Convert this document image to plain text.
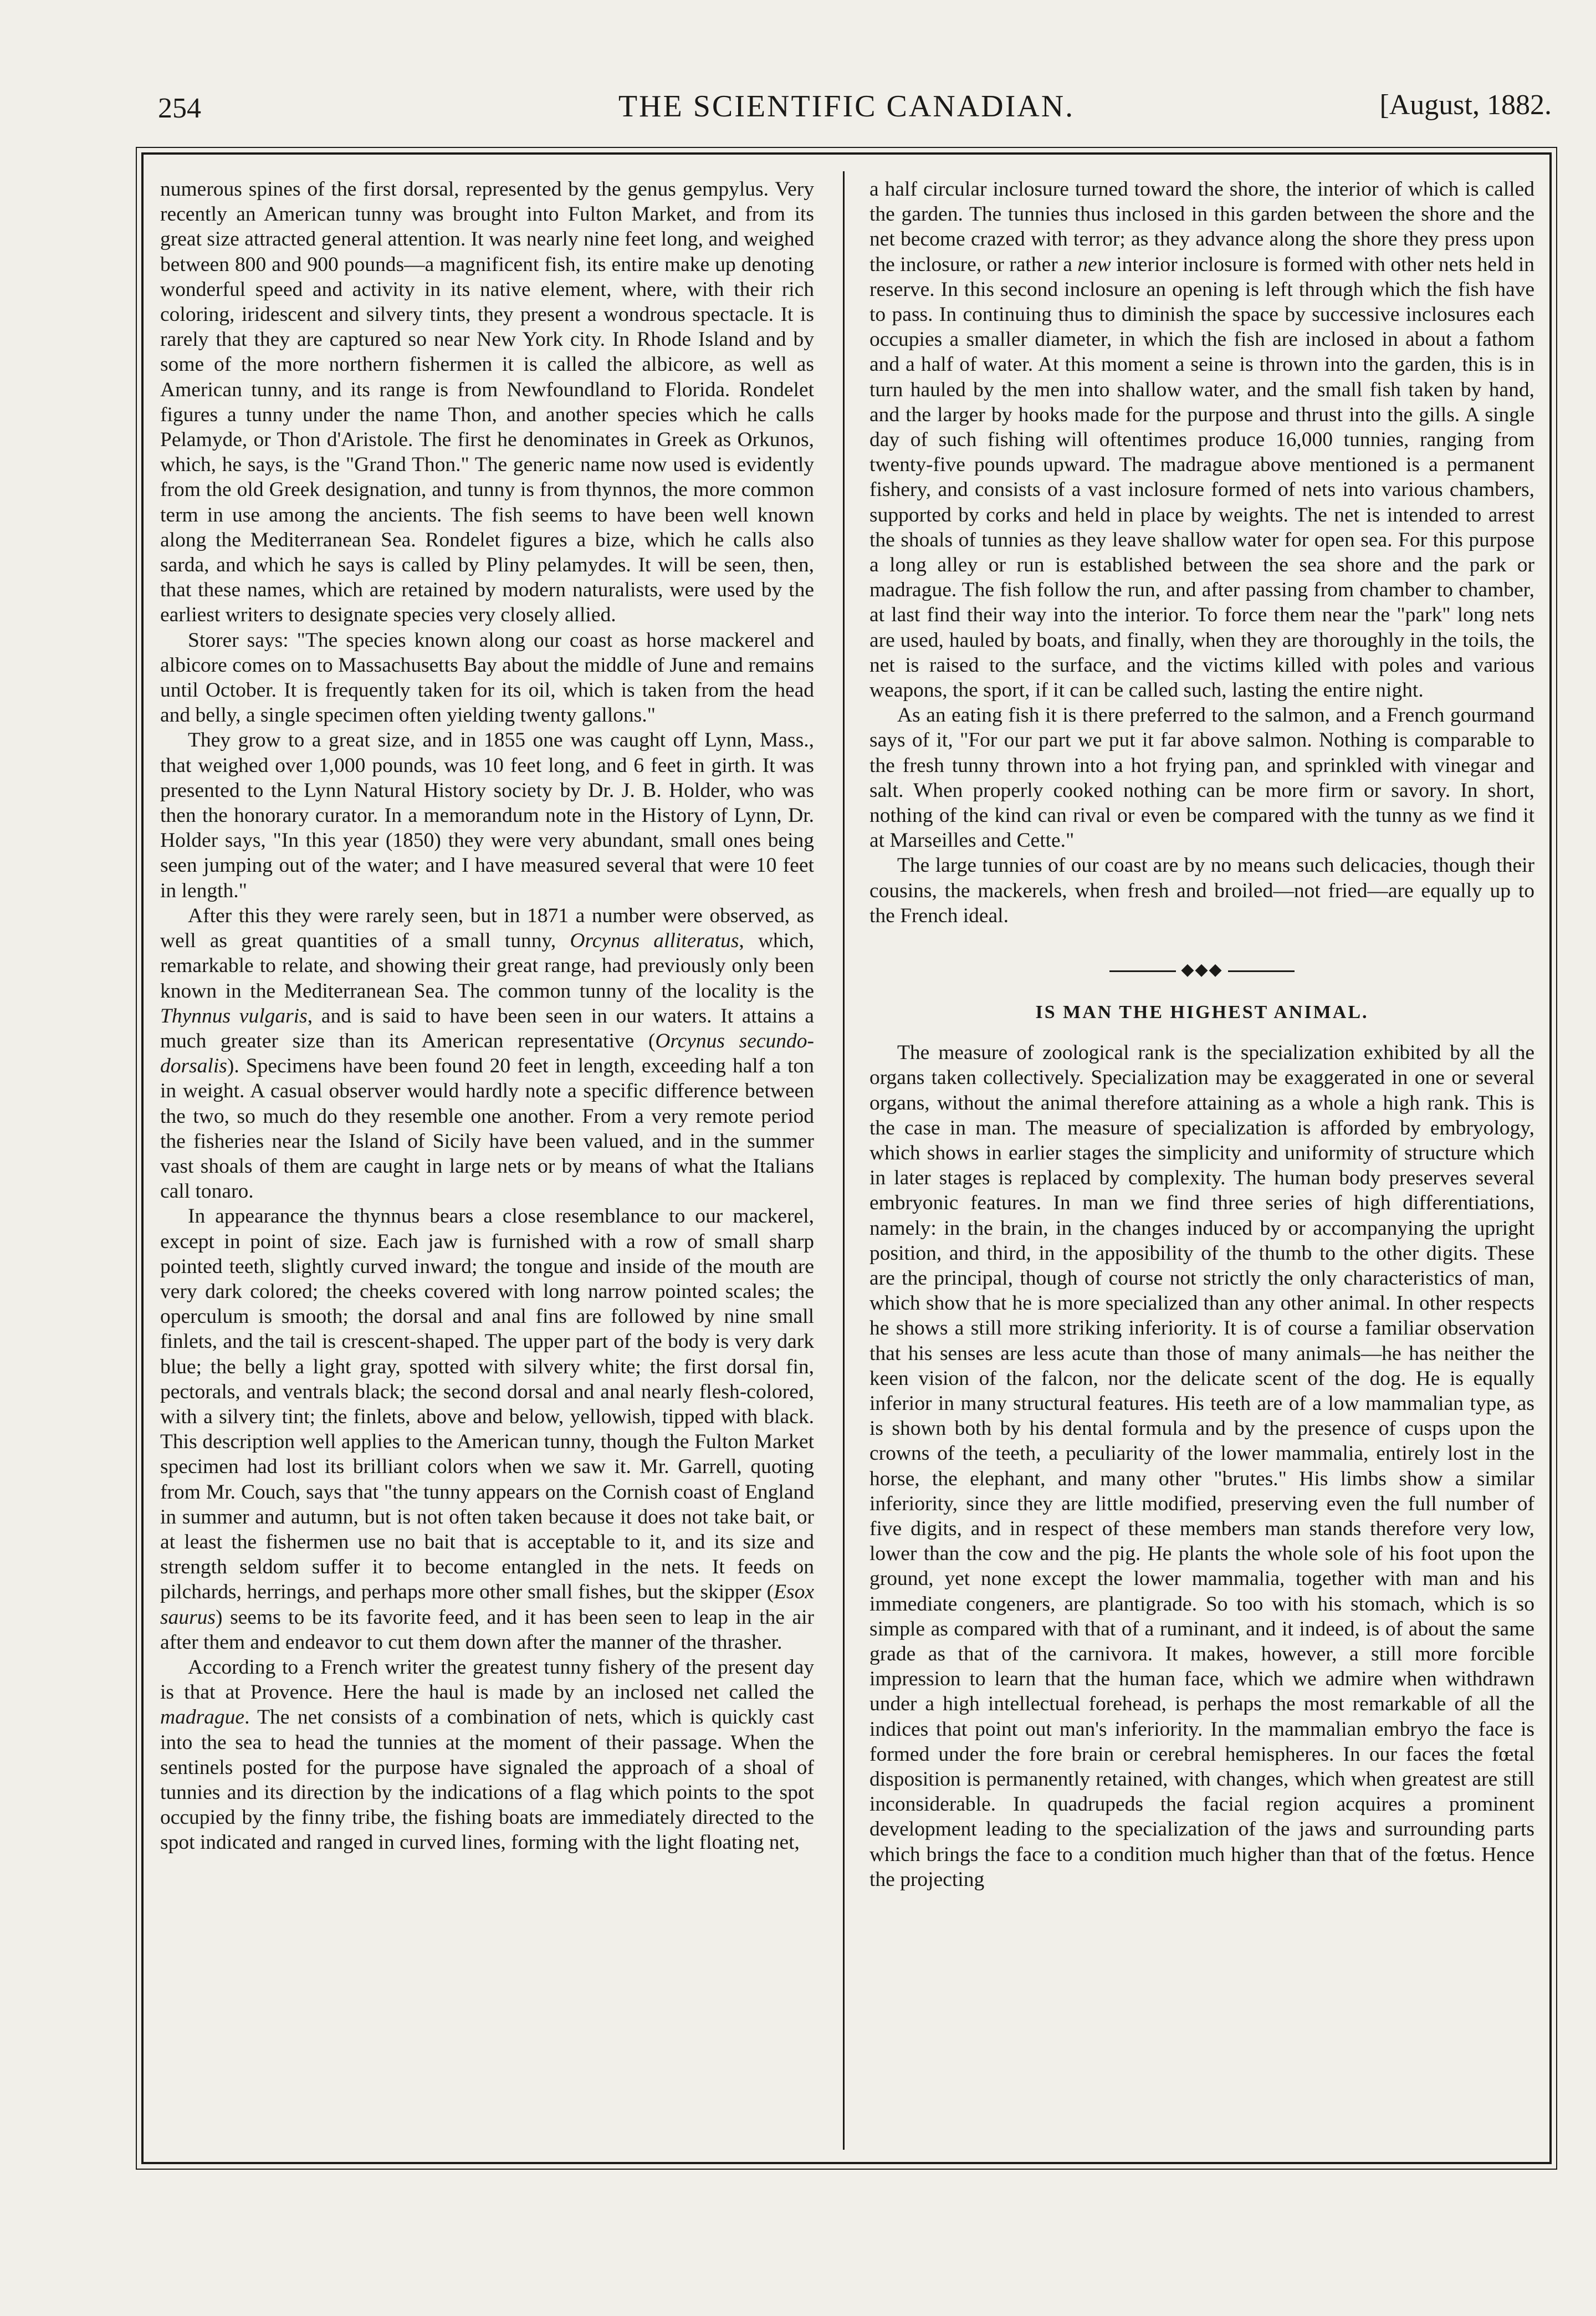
254	THE SCIENTIFIC CANADIAN.	[August, 1882.

numerous spines of the first dorsal, represented by the genus gempylus. Very recently an American tunny was brought into Fulton Market, and from its great size attracted general attention. It was nearly nine feet long, and weighed between 800 and 900 pounds—a magnificent fish, its entire make up denoting wonderful speed and activity in its native element, where, with their rich coloring, iridescent and silvery tints, they present a wondrous spectacle. It is rarely that they are captured so near New York city. In Rhode Island and by some of the more northern fishermen it is called the albicore, as well as American tunny, and its range is from Newfoundland to Florida. Rondelet figures a tunny under the name Thon, and another species which he calls Pelamyde, or Thon d'Aristole. The first he denominates in Greek as Orkunos, which, he says, is the "Grand Thon." The generic name now used is evidently from the old Greek designation, and tunny is from thynnos, the more common term in use among the ancients. The fish seems to have been well known along the Mediterranean Sea. Rondelet figures a bize, which he calls also sarda, and which he says is called by Pliny pelamydes. It will be seen, then, that these names, which are retained by modern naturalists, were used by the earliest writers to designate species very closely allied.

Storer says: "The species known along our coast as horse mackerel and albicore comes on to Massachusetts Bay about the middle of June and remains until October. It is frequently taken for its oil, which is taken from the head and belly, a single specimen often yielding twenty gallons."

They grow to a great size, and in 1855 one was caught off Lynn, Mass., that weighed over 1,000 pounds, was 10 feet long, and 6 feet in girth. It was presented to the Lynn Natural History society by Dr. J. B. Holder, who was then the honorary curator. In a memorandum note in the History of Lynn, Dr. Holder says, "In this year (1850) they were very abundant, small ones being seen jumping out of the water; and I have measured several that were 10 feet in length."

After this they were rarely seen, but in 1871 a number were observed, as well as great quantities of a small tunny, Orcynus alliteratus, which, remarkable to relate, and showing their great range, had previously only been known in the Mediterranean Sea. The common tunny of the locality is the Thynnus vulgaris, and is said to have been seen in our waters. It attains a much greater size than its American representative (Orcynus secundo-dorsalis). Specimens have been found 20 feet in length, exceeding half a ton in weight. A casual observer would hardly note a specific difference between the two, so much do they resemble one another. From a very remote period the fisheries near the Island of Sicily have been valued, and in the summer vast shoals of them are caught in large nets or by means of what the Italians call tonaro.

In appearance the thynnus bears a close resemblance to our mackerel, except in point of size. Each jaw is furnished with a row of small sharp pointed teeth, slightly curved inward; the tongue and inside of the mouth are very dark colored; the cheeks covered with long narrow pointed scales; the operculum is smooth; the dorsal and anal fins are followed by nine small finlets, and the tail is crescent-shaped. The upper part of the body is very dark blue; the belly a light gray, spotted with silvery white; the first dorsal fin, pectorals, and ventrals black; the second dorsal and anal nearly flesh-colored, with a silvery tint; the finlets, above and below, yellowish, tipped with black. This description well applies to the American tunny, though the Fulton Market specimen had lost its brilliant colors when we saw it. Mr. Garrell, quoting from Mr. Couch, says that "the tunny appears on the Cornish coast of England in summer and autumn, but is not often taken because it does not take bait, or at least the fishermen use no bait that is acceptable to it, and its size and strength seldom suffer it to become entangled in the nets. It feeds on pilchards, herrings, and perhaps more other small fishes, but the skipper (Esox saurus) seems to be its favorite feed, and it has been seen to leap in the air after them and endeavor to cut them down after the manner of the thrasher.

According to a French writer the greatest tunny fishery of the present day is that at Provence. Here the haul is made by an inclosed net called the madrague. The net consists of a combination of nets, which is quickly cast into the sea to head the tunnies at the moment of their passage. When the sentinels posted for the purpose have signaled the approach of a shoal of tunnies and its direction by the indications of a flag which points to the spot occupied by the finny tribe, the fishing boats are immediately directed to the spot indicated and ranged in curved lines, forming with the light floating net,

a half circular inclosure turned toward the shore, the interior of which is called the garden. The tunnies thus inclosed in this garden between the shore and the net become crazed with terror; as they advance along the shore they press upon the inclosure, or rather a new interior inclosure is formed with other nets held in reserve. In this second inclosure an opening is left through which the fish have to pass. In continuing thus to diminish the space by successive inclosures each occupies a smaller diameter, in which the fish are inclosed in about a fathom and a half of water. At this moment a seine is thrown into the garden, this is in turn hauled by the men into shallow water, and the small fish taken by hand, and the larger by hooks made for the purpose and thrust into the gills. A single day of such fishing will oftentimes produce 16,000 tunnies, ranging from twenty-five pounds upward. The madrague above mentioned is a permanent fishery, and consists of a vast inclosure formed of nets into various chambers, supported by corks and held in place by weights. The net is intended to arrest the shoals of tunnies as they leave shallow water for open sea. For this purpose a long alley or run is established between the sea shore and the park or madrague. The fish follow the run, and after passing from chamber to chamber, at last find their way into the interior. To force them near the "park" long nets are used, hauled by boats, and finally, when they are thoroughly in the toils, the net is raised to the surface, and the victims killed with poles and various weapons, the sport, if it can be called such, lasting the entire night.

As an eating fish it is there preferred to the salmon, and a French gourmand says of it, "For our part we put it far above salmon. Nothing is comparable to the fresh tunny thrown into a hot frying pan, and sprinkled with vinegar and salt. When properly cooked nothing can be more firm or savory. In short, nothing of the kind can rival or even be compared with the tunny as we find it at Marseilles and Cette."

The large tunnies of our coast are by no means such delicacies, though their cousins, the mackerels, when fresh and broiled—not fried—are equally up to the French ideal.

◆◆◆
IS MAN THE HIGHEST ANIMAL.

The measure of zoological rank is the specialization exhibited by all the organs taken collectively. Specialization may be exaggerated in one or several organs, without the animal therefore attaining as a whole a high rank. This is the case in man. The measure of specialization is afforded by embryology, which shows in earlier stages the simplicity and uniformity of structure which in later stages is replaced by complexity. The human body preserves several embryonic features. In man we find three series of high differentiations, namely: in the brain, in the changes induced by or accompanying the upright position, and third, in the apposibility of the thumb to the other digits. These are the principal, though of course not strictly the only characteristics of man, which show that he is more specialized than any other animal. In other respects he shows a still more striking inferiority. It is of course a familiar observation that his senses are less acute than those of many animals—he has neither the keen vision of the falcon, nor the delicate scent of the dog. He is equally inferior in many structural features. His teeth are of a low mammalian type, as is shown both by his dental formula and by the presence of cusps upon the crowns of the teeth, a peculiarity of the lower mammalia, entirely lost in the horse, the elephant, and many other "brutes." His limbs show a similar inferiority, since they are little modified, preserving even the full number of five digits, and in respect of these members man stands therefore very low, lower than the cow and the pig. He plants the whole sole of his foot upon the ground, yet none except the lower mammalia, together with man and his immediate congeners, are plantigrade. So too with his stomach, which is so simple as compared with that of a ruminant, and it indeed, is of about the same grade as that of the carnivora. It makes, however, a still more forcible impression to learn that the human face, which we admire when withdrawn under a high intellectual forehead, is perhaps the most remarkable of all the indices that point out man's inferiority. In the mammalian embryo the face is formed under the fore brain or cerebral hemispheres. In our faces the fœtal disposition is permanently retained, with changes, which when greatest are still inconsiderable. In quadrupeds the facial region acquires a prominent development leading to the specialization of the jaws and surrounding parts which brings the face to a condition much higher than that of the fœtus. Hence the projecting
